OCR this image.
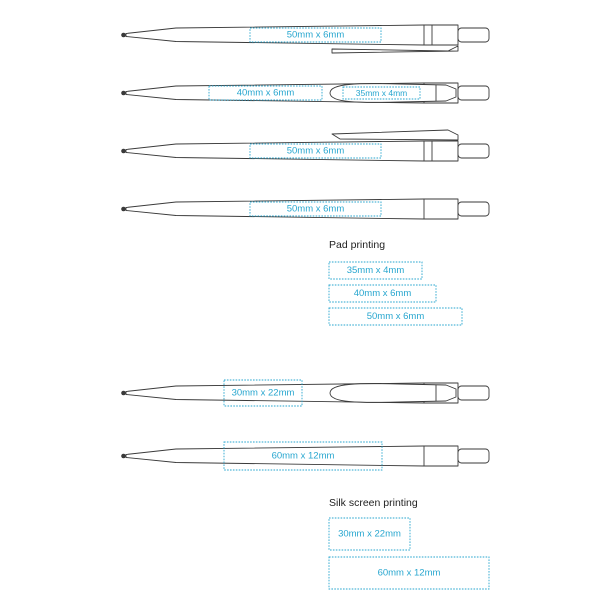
50mm x 6mm
40mm x 6mm	35mm x 4mm
50mm x 6mm
50mm x 6mm
30mm x 22mm
60mm x 12mm
Pad printing
35mm x 4mm
40mm x 6mm
50mm x 6mm
Silk screen printing
30mm x 22mm
60mm x 12mm
